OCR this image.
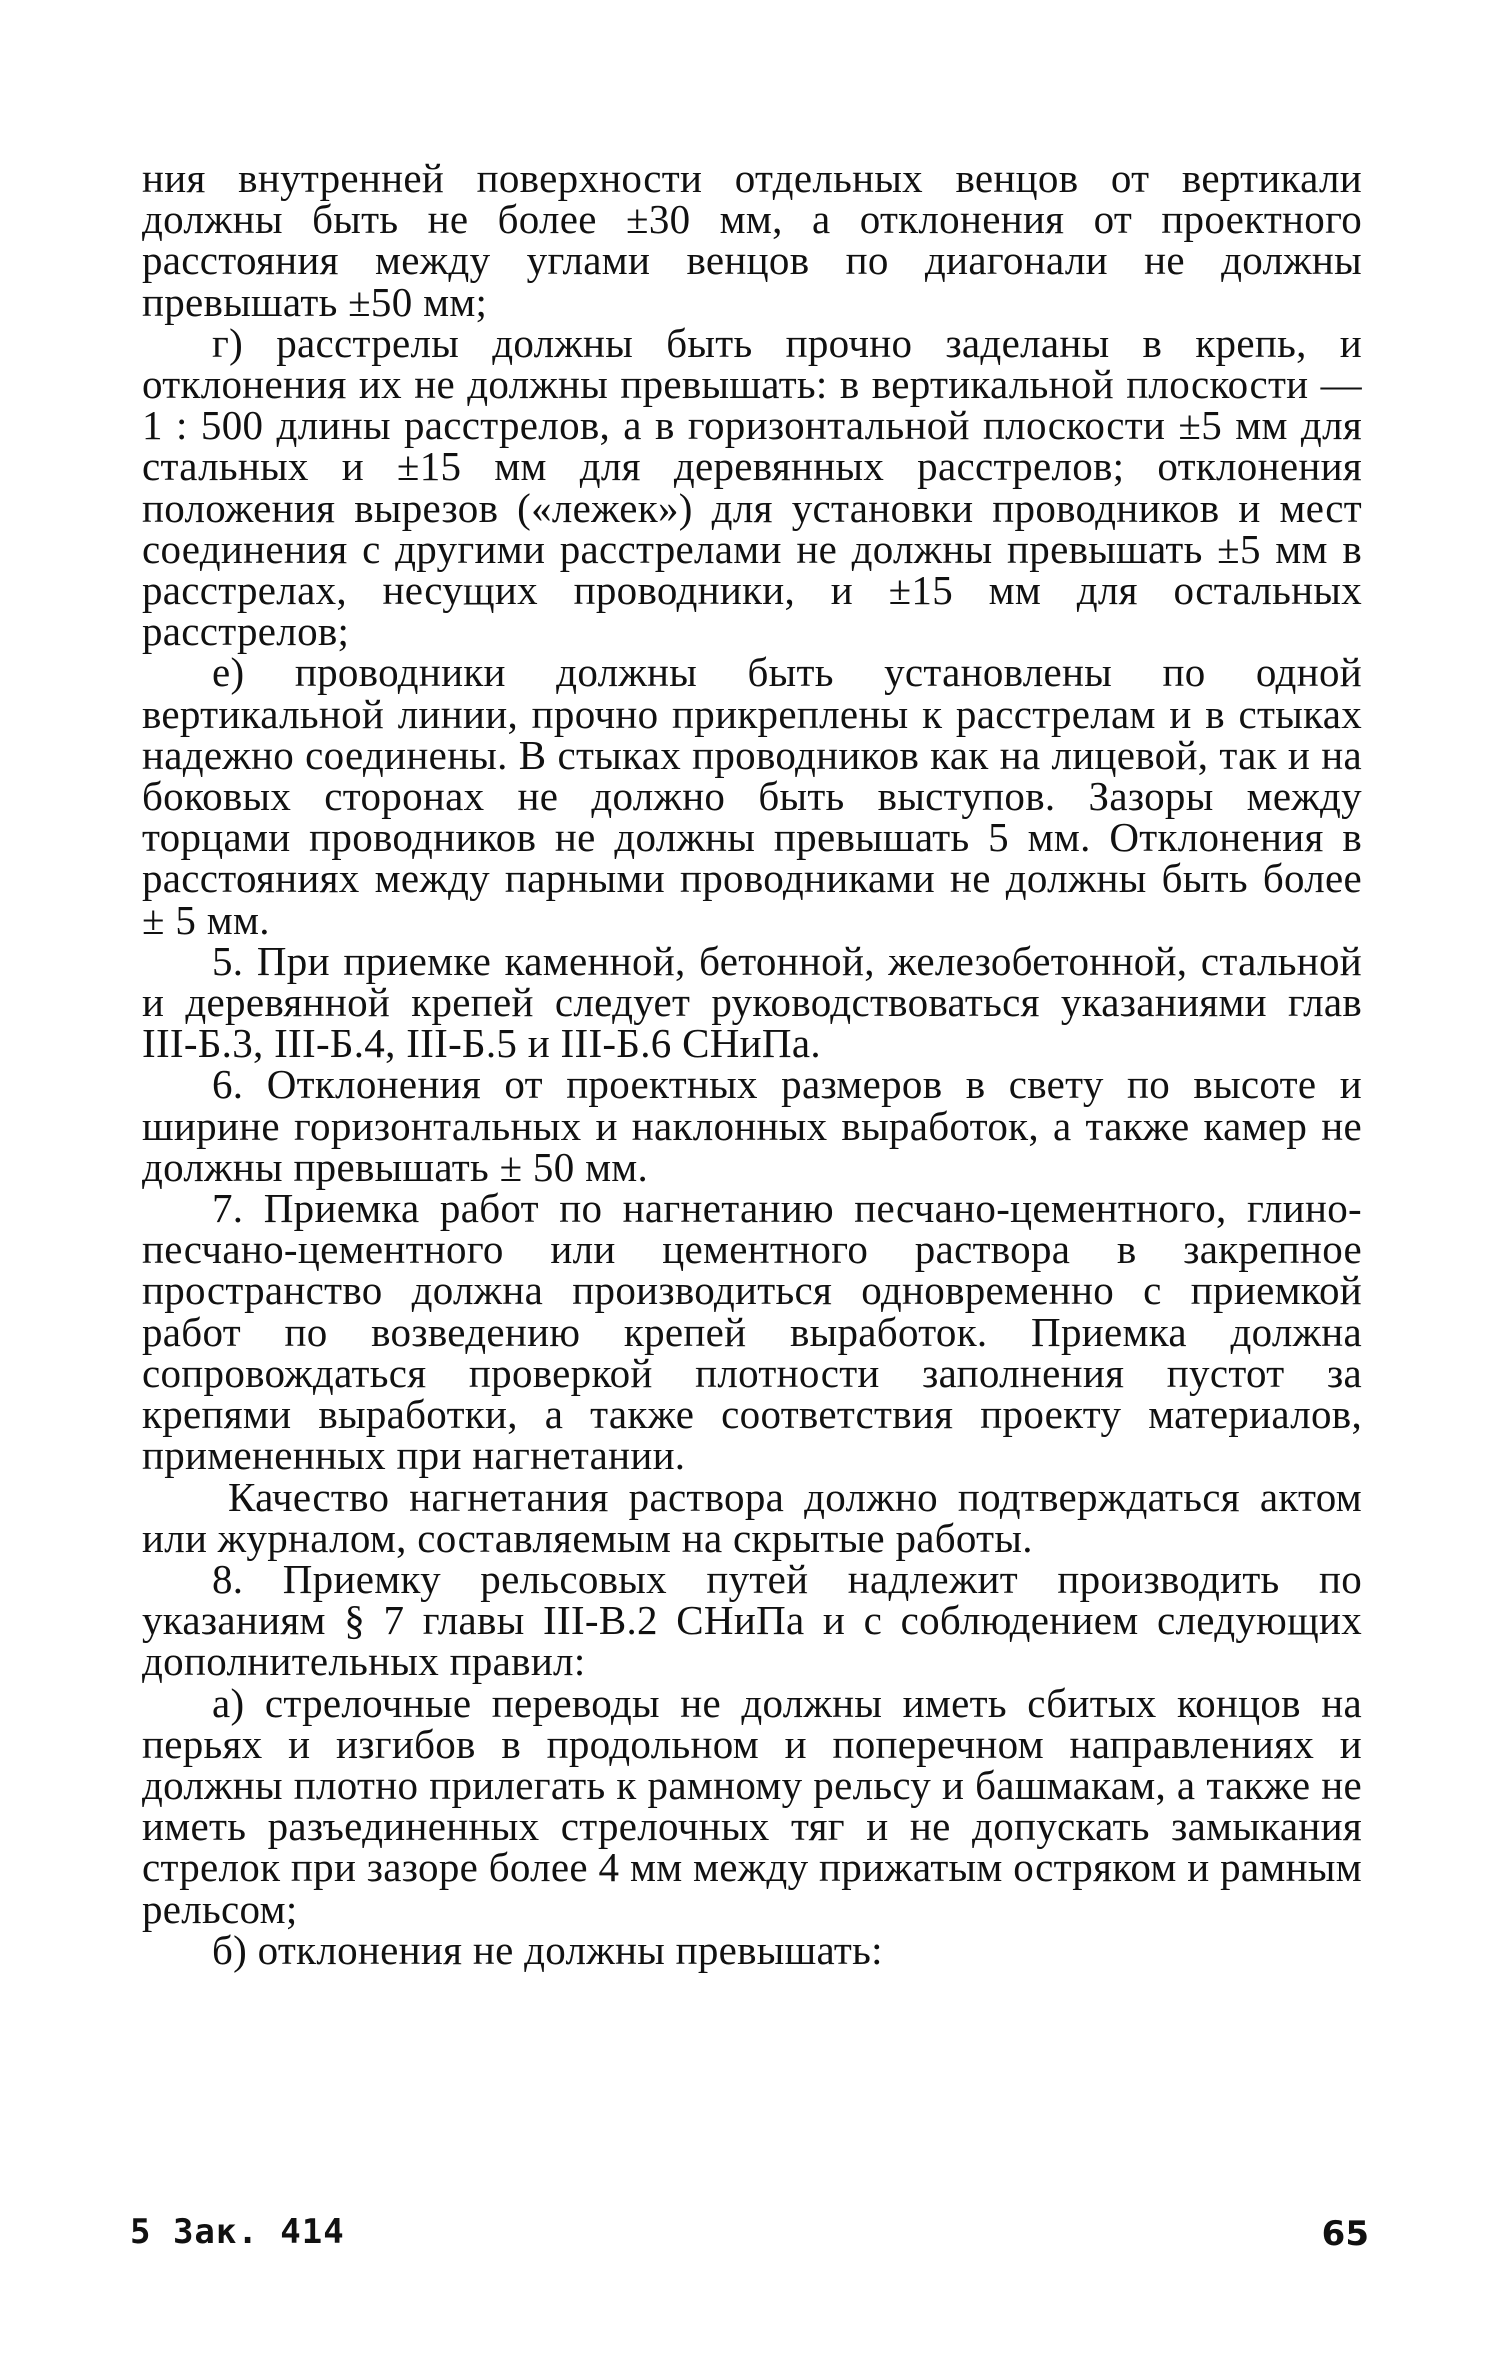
ния внутренней поверхности отдельных венцов от вертикали должны быть не более ±30 мм, а отклонения от проектного расстояния между углами венцов по диагонали не должны превышать ±50 мм;

г) расстрелы должны быть прочно заделаны в крепь, и отклонения их не должны превышать: в вертикальной плоскости — 1 : 500 длины расстрелов, а в горизонтальной плоскости ±5 мм для стальных и ±15 мм для деревянных расстрелов; отклонения положения вырезов («лежек») для установки проводников и мест соединения с другими расстрелами не должны превышать ±5 мм в расстрелах, несущих проводники, и ±15 мм для остальных расстрелов;

е) проводники должны быть установлены по одной вертикальной линии, прочно прикреплены к расстрелам и в стыках надежно соединены. В стыках проводников как на лицевой, так и на боковых сторонах не должно быть выступов. Зазоры между торцами проводников не должны превышать 5 мм. Отклонения в расстояниях между парными проводниками не должны быть более ± 5 мм.

5. При приемке каменной, бетонной, железобетонной, стальной и деревянной крепей следует руководствоваться указаниями глав III-Б.3, III-Б.4, III-Б.5 и III-Б.6 СНиПа.

6. Отклонения от проектных размеров в свету по высоте и ширине горизонтальных и наклонных выработок, а также камер не должны превышать ± 50 мм.

7. Приемка работ по нагнетанию песчано-цементного, глино-песчано-цементного или цементного раствора в закрепное пространство должна производиться одновременно с приемкой работ по возведению крепей выработок. Приемка должна сопровождаться проверкой плотности заполнения пустот за крепями выработки, а также соответствия проекту материалов, примененных при нагнетании.

Качество нагнетания раствора должно подтверждаться актом или журналом, составляемым на скрытые работы.

8. Приемку рельсовых путей надлежит производить по указаниям § 7 главы III-В.2 СНиПа и с соблюдением следующих дополнительных правил:

а) стрелочные переводы не должны иметь сбитых концов на перьях и изгибов в продольном и поперечном направлениях и должны плотно прилегать к рамному рельсу и башмакам, а также не иметь разъединенных стрелочных тяг и не допускать замыкания стрелок при зазоре более 4 мм между прижатым остряком и рамным рельсом;

б) отклонения не должны превышать:

5 Зак. 414	65
